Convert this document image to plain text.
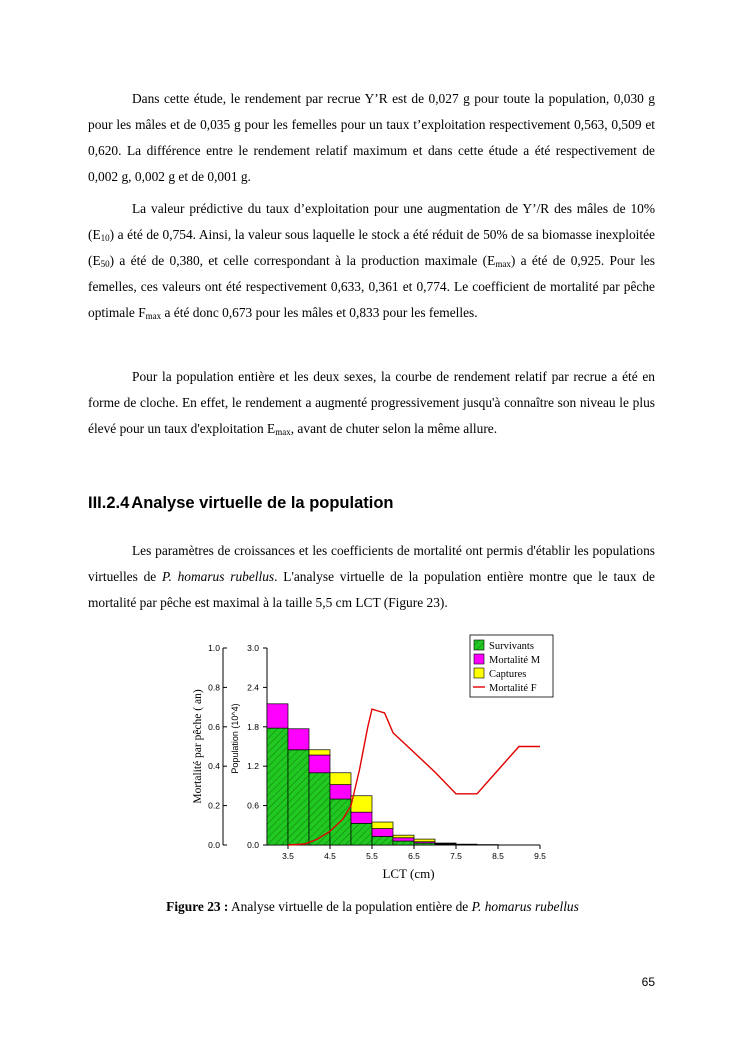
Dans cette étude, le rendement par recrue Y’R est de 0,027 g pour toute la population, 0,030 g pour les mâles et de 0,035 g pour les femelles pour un taux t’exploitation respectivement 0,563, 0,509 et 0,620. La différence entre le rendement relatif maximum et dans cette étude a été respectivement de 0,002 g, 0,002 g et de 0,001 g.

La valeur prédictive du taux d’exploitation pour une augmentation de Y’/R des mâles de 10% $(E_{10})$ a été de 0,754. Ainsi, la valeur sous laquelle le stock a été réduit de 50% de sa biomasse inexploitée $(E_{50})$ a été de 0,380, et celle correspondant à la production maximale $(E_{max})$ a été de 0,925. Pour les femelles, ces valeurs ont été respectivement 0,633, 0,361 et 0,774. Le coefficient de mortalité par pêche optimale $F_{max}$ a été donc 0,673 pour les mâles et 0,833 pour les femelles.

Pour la population entière et les deux sexes, la courbe de rendement relatif par recrue a été en forme de cloche. En effet, le rendement a augmenté progressivement jusqu'à connaître son niveau le plus élevé pour un taux d'exploitation $E_{max}$, avant de chuter selon la même allure.

III.2.4 Analyse virtuelle de la population

Les paramètres de croissances et les coefficients de mortalité ont permis d'établir les populations virtuelles de P. homarus rubellus. L'analyse virtuelle de la population entière montre que le taux de mortalité par pêche est maximal à la taille 5,5 cm LCT (Figure 23).

0.0
0.6
1.2
1.8
2.4
3.0
0.0
0.2
0.4
0.6
0.8
1.0
3.5	4.5	5.5	6.5	7.5	8.5	9.5
LCT (cm)
Mortalité par pêche ( an)	Population (10^4)
Survivants
Mortalité M
Captures
Mortalité F
Figure 23 : Analyse virtuelle de la population entière de P. homarus rubellus
65
